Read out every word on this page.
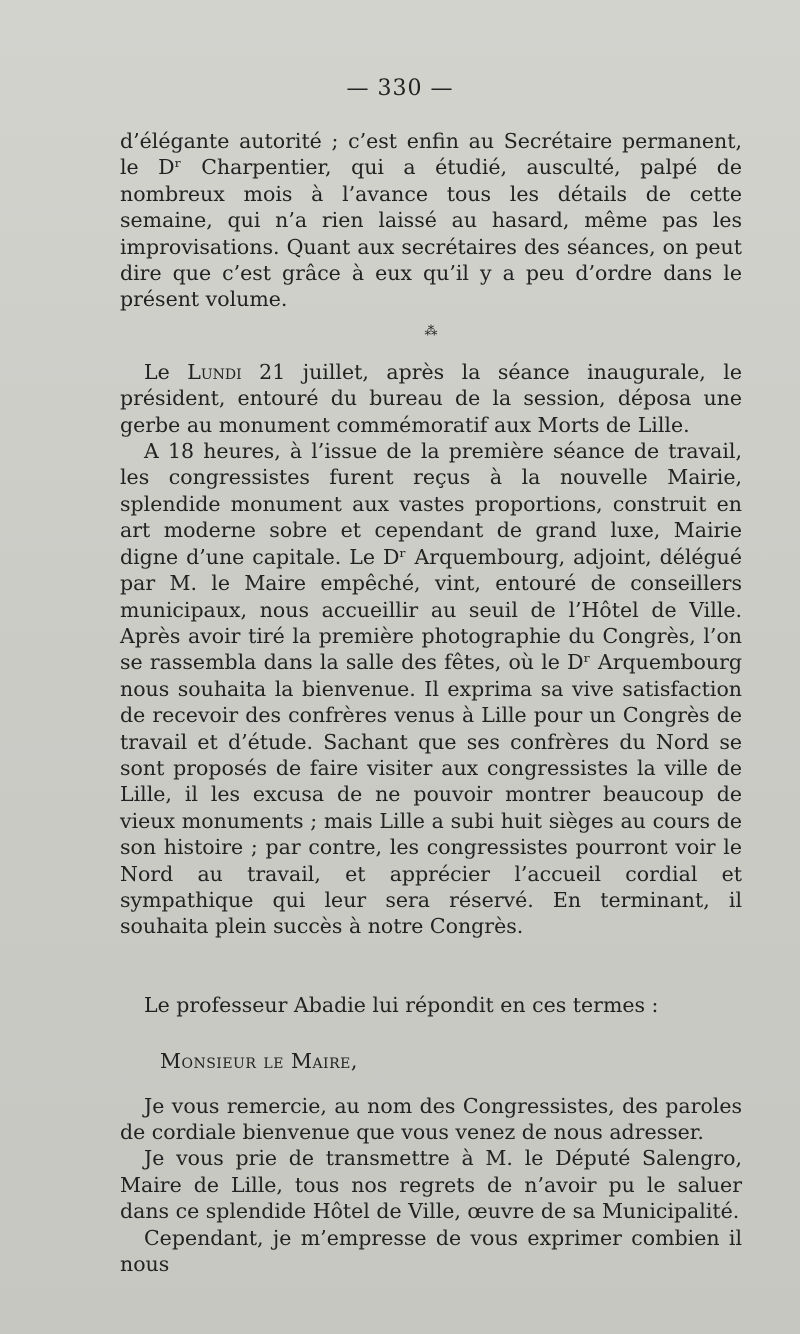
— 330 —

d’élégante autorité ; c’est enfin au Secrétaire permanent, le Dʳ Charpentier, qui a étudié, ausculté, palpé de nombreux mois à l’avance tous les détails de cette semaine, qui n’a rien laissé au hasard, même pas les improvisations. Quant aux secrétaires des séances, on peut dire que c’est grâce à eux qu’il y a peu d’ordre dans le présent volume.

⁂

Le Lundi 21 juillet, après la séance inaugurale, le président, entouré du bureau de la session, déposa une gerbe au monument commémoratif aux Morts de Lille.

A 18 heures, à l’issue de la première séance de travail, les congressistes furent reçus à la nouvelle Mairie, splendide monument aux vastes proportions, construit en art moderne sobre et cependant de grand luxe, Mairie digne d’une capitale. Le Dʳ Arquembourg, adjoint, délégué par M. le Maire empêché, vint, entouré de conseillers municipaux, nous accueillir au seuil de l’Hôtel de Ville. Après avoir tiré la première photographie du Congrès, l’on se rassembla dans la salle des fêtes, où le Dʳ Arquembourg nous souhaita la bienvenue. Il exprima sa vive satisfaction de recevoir des confrères venus à Lille pour un Congrès de travail et d’étude. Sachant que ses confrères du Nord se sont proposés de faire visiter aux congressistes la ville de Lille, il les excusa de ne pouvoir montrer beaucoup de vieux monuments ; mais Lille a subi huit sièges au cours de son histoire ; par contre, les congressistes pourront voir le Nord au travail, et apprécier l’accueil cordial et sympathique qui leur sera réservé. En terminant, il souhaita plein succès à notre Congrès.

Le professeur Abadie lui répondit en ces termes :

Monsieur le Maire,

Je vous remercie, au nom des Congressistes, des paroles de cordiale bienvenue que vous venez de nous adresser.

Je vous prie de transmettre à M. le Député Salengro, Maire de Lille, tous nos regrets de n’avoir pu le saluer dans ce splendide Hôtel de Ville, œuvre de sa Municipalité.

Cependant, je m’empresse de vous exprimer combien il nous
